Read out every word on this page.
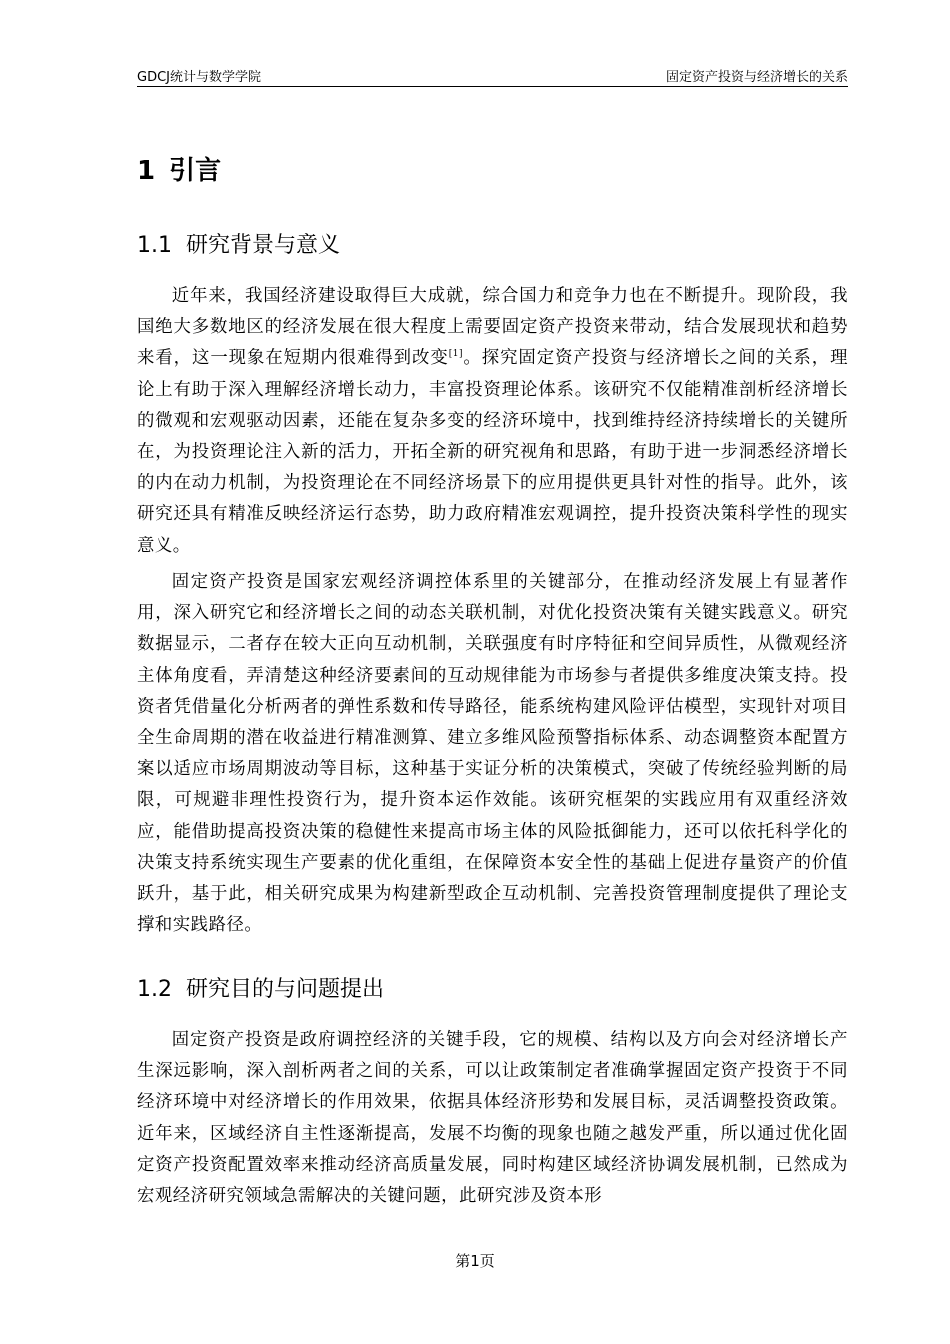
GDCJ统计与数学学院	固定资产投资与经济增长的关系
1 引言
1.1 研究背景与意义

近年来，我国经济建设取得巨大成就，综合国力和竞争力也在不断提升。现阶段，我国绝大多数地区的经济发展在很大程度上需要固定资产投资来带动，结合发展现状和趋势来看，这一现象在短期内很难得到改变[1]。探究固定资产投资与经济增长之间的关系，理论上有助于深入理解经济增长动力，丰富投资理论体系。该研究不仅能精准剖析经济增长的微观和宏观驱动因素，还能在复杂多变的经济环境中，找到维持经济持续增长的关键所在，为投资理论注入新的活力，开拓全新的研究视角和思路，有助于进一步洞悉经济增长的内在动力机制，为投资理论在不同经济场景下的应用提供更具针对性的指导。此外，该研究还具有精准反映经济运行态势，助力政府精准宏观调控，提升投资决策科学性的现实意义。

固定资产投资是国家宏观经济调控体系里的关键部分，在推动经济发展上有显著作用，深入研究它和经济增长之间的动态关联机制，对优化投资决策有关键实践意义。研究数据显示，二者存在较大正向互动机制，关联强度有时序特征和空间异质性，从微观经济主体角度看，弄清楚这种经济要素间的互动规律能为市场参与者提供多维度决策支持。投资者凭借量化分析两者的弹性系数和传导路径，能系统构建风险评估模型，实现针对项目全生命周期的潜在收益进行精准测算、建立多维风险预警指标体系、动态调整资本配置方案以适应市场周期波动等目标，这种基于实证分析的决策模式，突破了传统经验判断的局限，可规避非理性投资行为，提升资本运作效能。该研究框架的实践应用有双重经济效应，能借助提高投资决策的稳健性来提高市场主体的风险抵御能力，还可以依托科学化的决策支持系统实现生产要素的优化重组，在保障资本安全性的基础上促进存量资产的价值跃升，基于此，相关研究成果为构建新型政企互动机制、完善投资管理制度提供了理论支撑和实践路径。

1.2 研究目的与问题提出

固定资产投资是政府调控经济的关键手段，它的规模、结构以及方向会对经济增长产生深远影响，深入剖析两者之间的关系，可以让政策制定者准确掌握固定资产投资于不同经济环境中对经济增长的作用效果，依据具体经济形势和发展目标，灵活调整投资政策。近年来，区域经济自主性逐渐提高，发展不均衡的现象也随之越发严重，所以通过优化固定资产投资配置效率来推动经济高质量发展，同时构建区域经济协调发展机制，已然成为宏观经济研究领域急需解决的关键问题，此研究涉及资本形

第1页
